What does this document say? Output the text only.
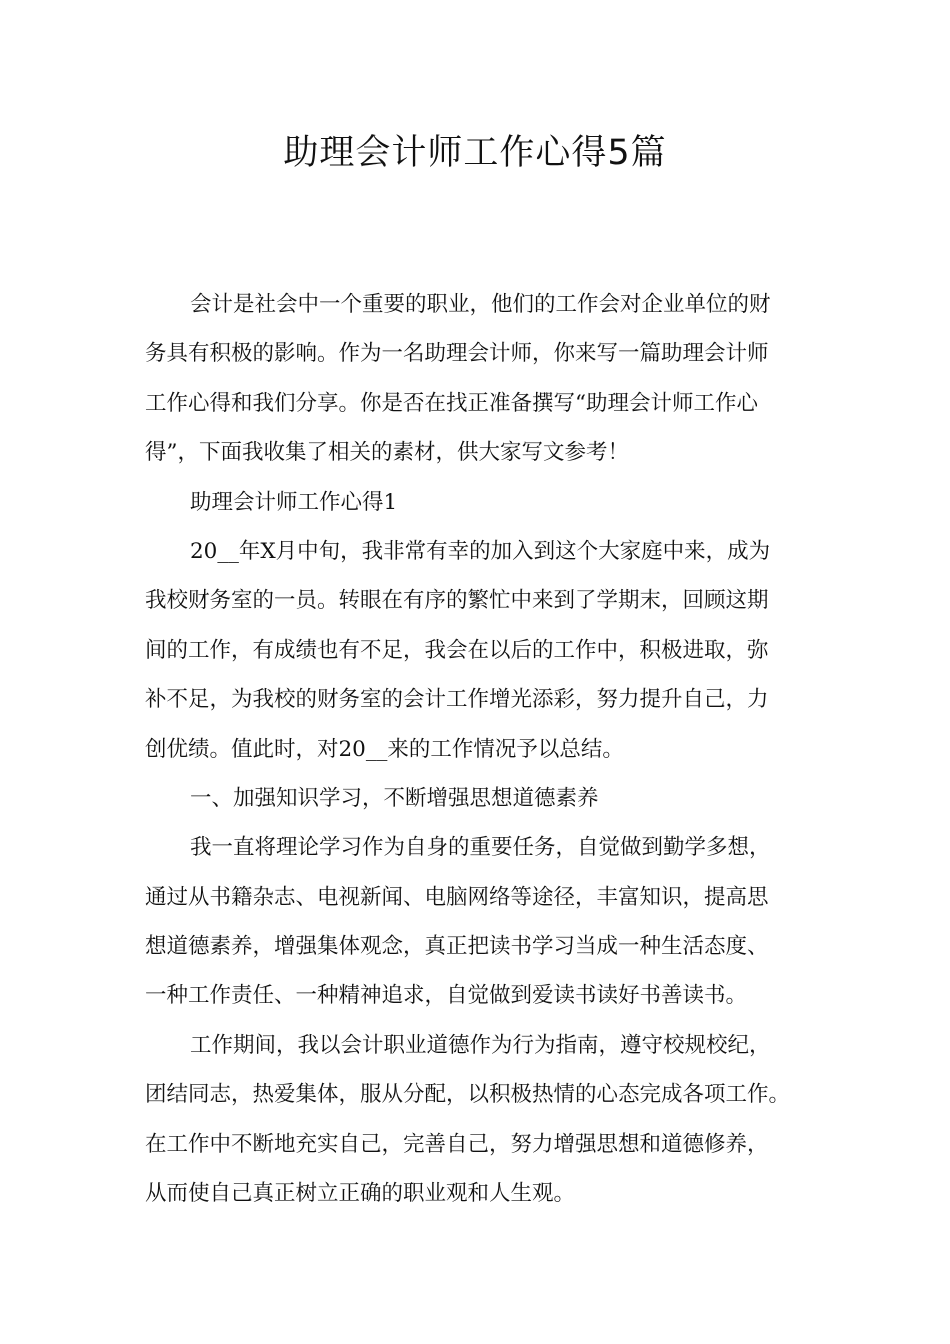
助理会计师工作心得5篇
会计是社会中一个重要的职业，他们的工作会对企业单位的财
务具有积极的影响。作为一名助理会计师，你来写一篇助理会计师
工作心得和我们分享。你是否在找正准备撰写“助理会计师工作心
得”，下面我收集了相关的素材，供大家写文参考！
助理会计师工作心得1
20__年X月中旬，我非常有幸的加入到这个大家庭中来，成为
我校财务室的一员。转眼在有序的繁忙中来到了学期末，回顾这期
间的工作，有成绩也有不足，我会在以后的工作中，积极进取，弥
补不足，为我校的财务室的会计工作增光添彩，努力提升自己，力
创优绩。值此时，对20__来的工作情况予以总结。
一、加强知识学习，不断增强思想道德素养
我一直将理论学习作为自身的重要任务，自觉做到勤学多想，
通过从书籍杂志、电视新闻、电脑网络等途径，丰富知识，提高思
想道德素养，增强集体观念，真正把读书学习当成一种生活态度、
一种工作责任、一种精神追求，自觉做到爱读书读好书善读书。
工作期间，我以会计职业道德作为行为指南，遵守校规校纪，
团结同志，热爱集体，服从分配，以积极热情的心态完成各项工作。
在工作中不断地充实自己，完善自己，努力增强思想和道德修养，
从而使自己真正树立正确的职业观和人生观。
